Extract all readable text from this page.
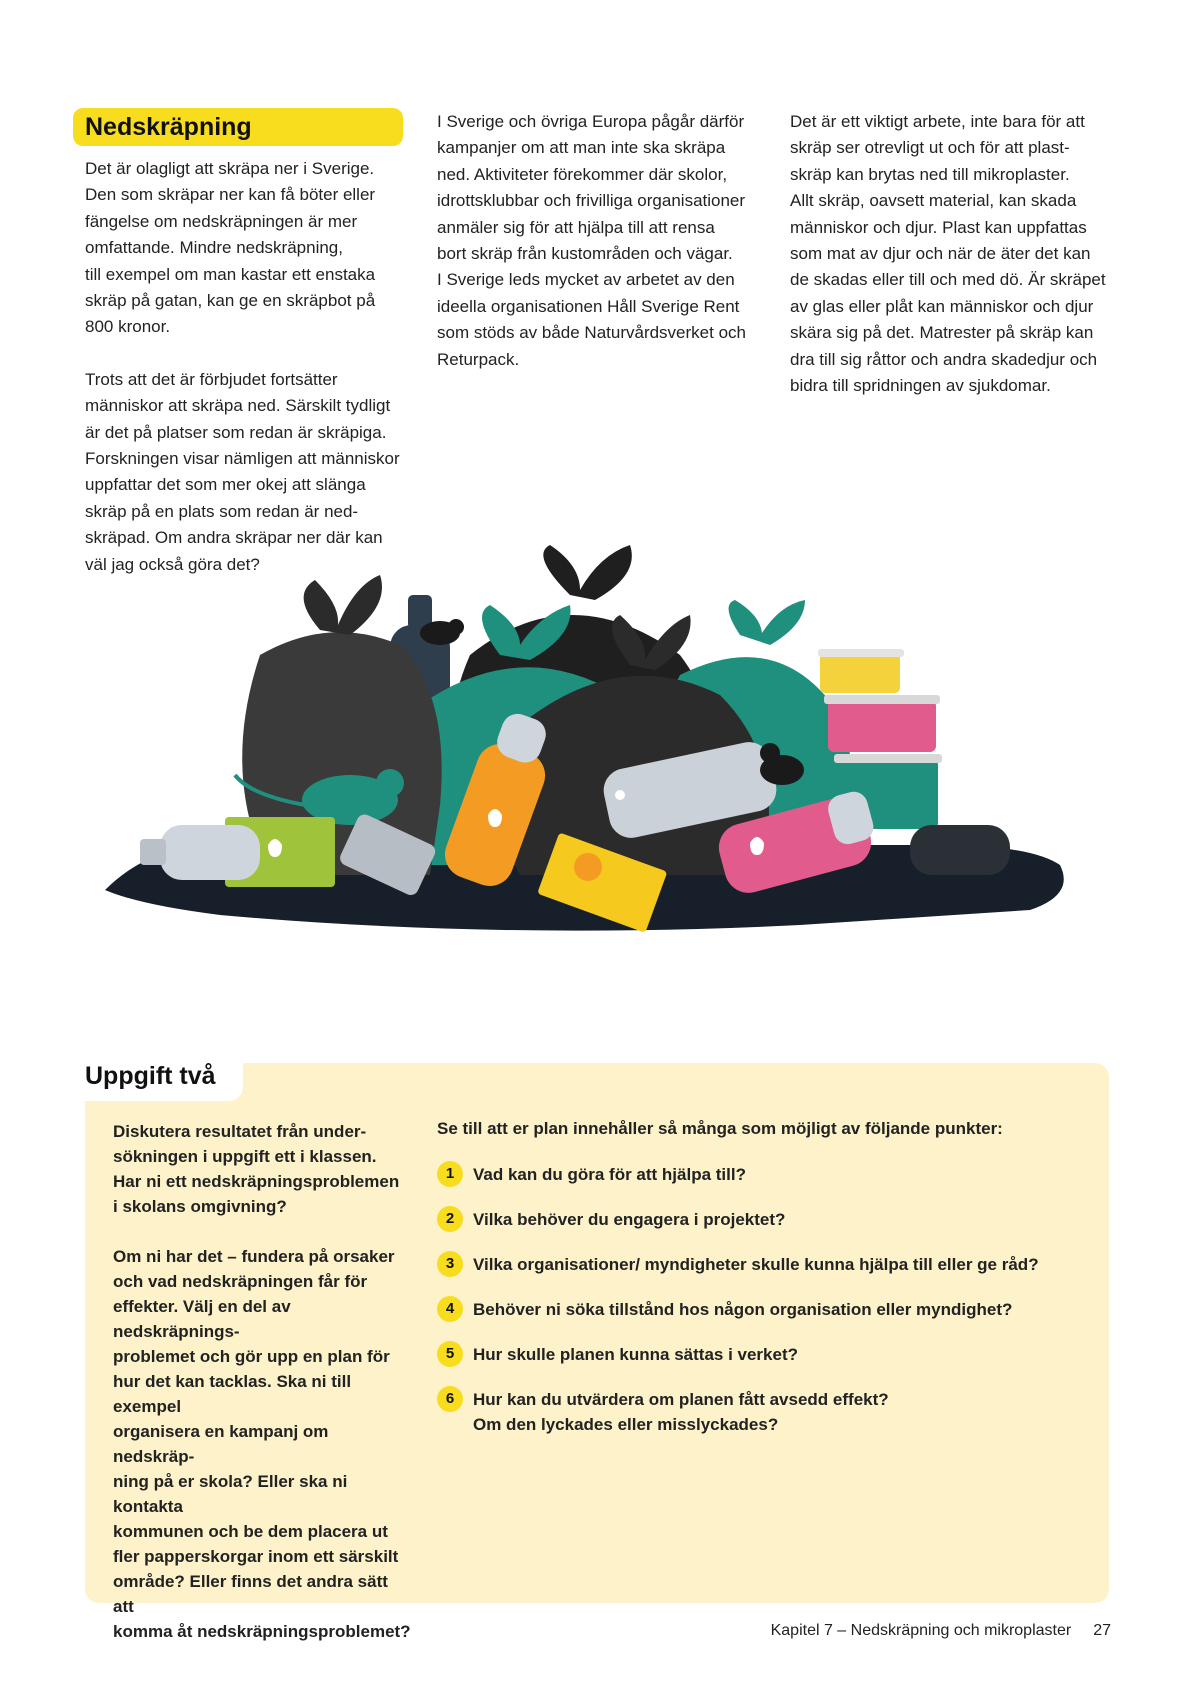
Nedskräpning

Det är olagligt att skräpa ner i Sverige.
Den som skräpar ner kan få böter eller
fängelse om nedskräpningen är mer
omfattande. Mindre nedskräpning,
till exempel om man kastar ett enstaka
skräp på gatan, kan ge en skräpbot på
800 kronor.

Trots att det är förbjudet fortsätter
människor att skräpa ned. Särskilt tydligt
är det på platser som redan är skräpiga.
Forskningen visar nämligen att människor
uppfattar det som mer okej att slänga
skräp på en plats som redan är ned-
skräpad. Om andra skräpar ner där kan
väl jag också göra det?

I Sverige och övriga Europa pågår därför
kampanjer om att man inte ska skräpa
ned. Aktiviteter förekommer där skolor,
idrottsklubbar och frivilliga organisationer
anmäler sig för att hjälpa till att rensa
bort skräp från kustområden och vägar.
I Sverige leds mycket av arbetet av den
ideella organisationen Håll Sverige Rent
som stöds av både Naturvårdsverket och
Returpack.

Det är ett viktigt arbete, inte bara för att
skräp ser otrevligt ut och för att plast-
skräp kan brytas ned till mikroplaster.
Allt skräp, oavsett material, kan skada
människor och djur. Plast kan uppfattas
som mat av djur och när de äter det kan
de skadas eller till och med dö. Är skräpet
av glas eller plåt kan människor och djur
skära sig på det. Matrester på skräp kan
dra till sig råttor och andra skadedjur och
bidra till spridningen av sjukdomar.

Uppgift två

Diskutera resultatet från under-
sökningen i uppgift ett i klassen.
Har ni ett nedskräpningsproblemen
i skolans omgivning?

Om ni har det – fundera på orsaker
och vad nedskräpningen får för
effekter. Välj en del av nedskräpnings-
problemet och gör upp en plan för
hur det kan tacklas. Ska ni till exempel
organisera en kampanj om nedskräp-
ning på er skola? Eller ska ni kontakta
kommunen och be dem placera ut
fler papperskorgar inom ett särskilt
område? Eller finns det andra sätt att
komma åt nedskräpningsproblemet?

Se till att er plan innehåller så många som möjligt av följande punkter:
1	Vad kan du göra för att hjälpa till?
2	Vilka behöver du engagera i projektet?
3	Vilka organisationer/ myndigheter skulle kunna hjälpa till eller ge råd?
4	Behöver ni söka tillstånd hos någon organisation eller myndighet?
5	Hur skulle planen kunna sättas i verket?
6	Hur kan du utvärdera om planen fått avsedd effekt?
Om den lyckades eller misslyckades?
Kapitel 7 – Nedskräpning och mikroplaster 27
